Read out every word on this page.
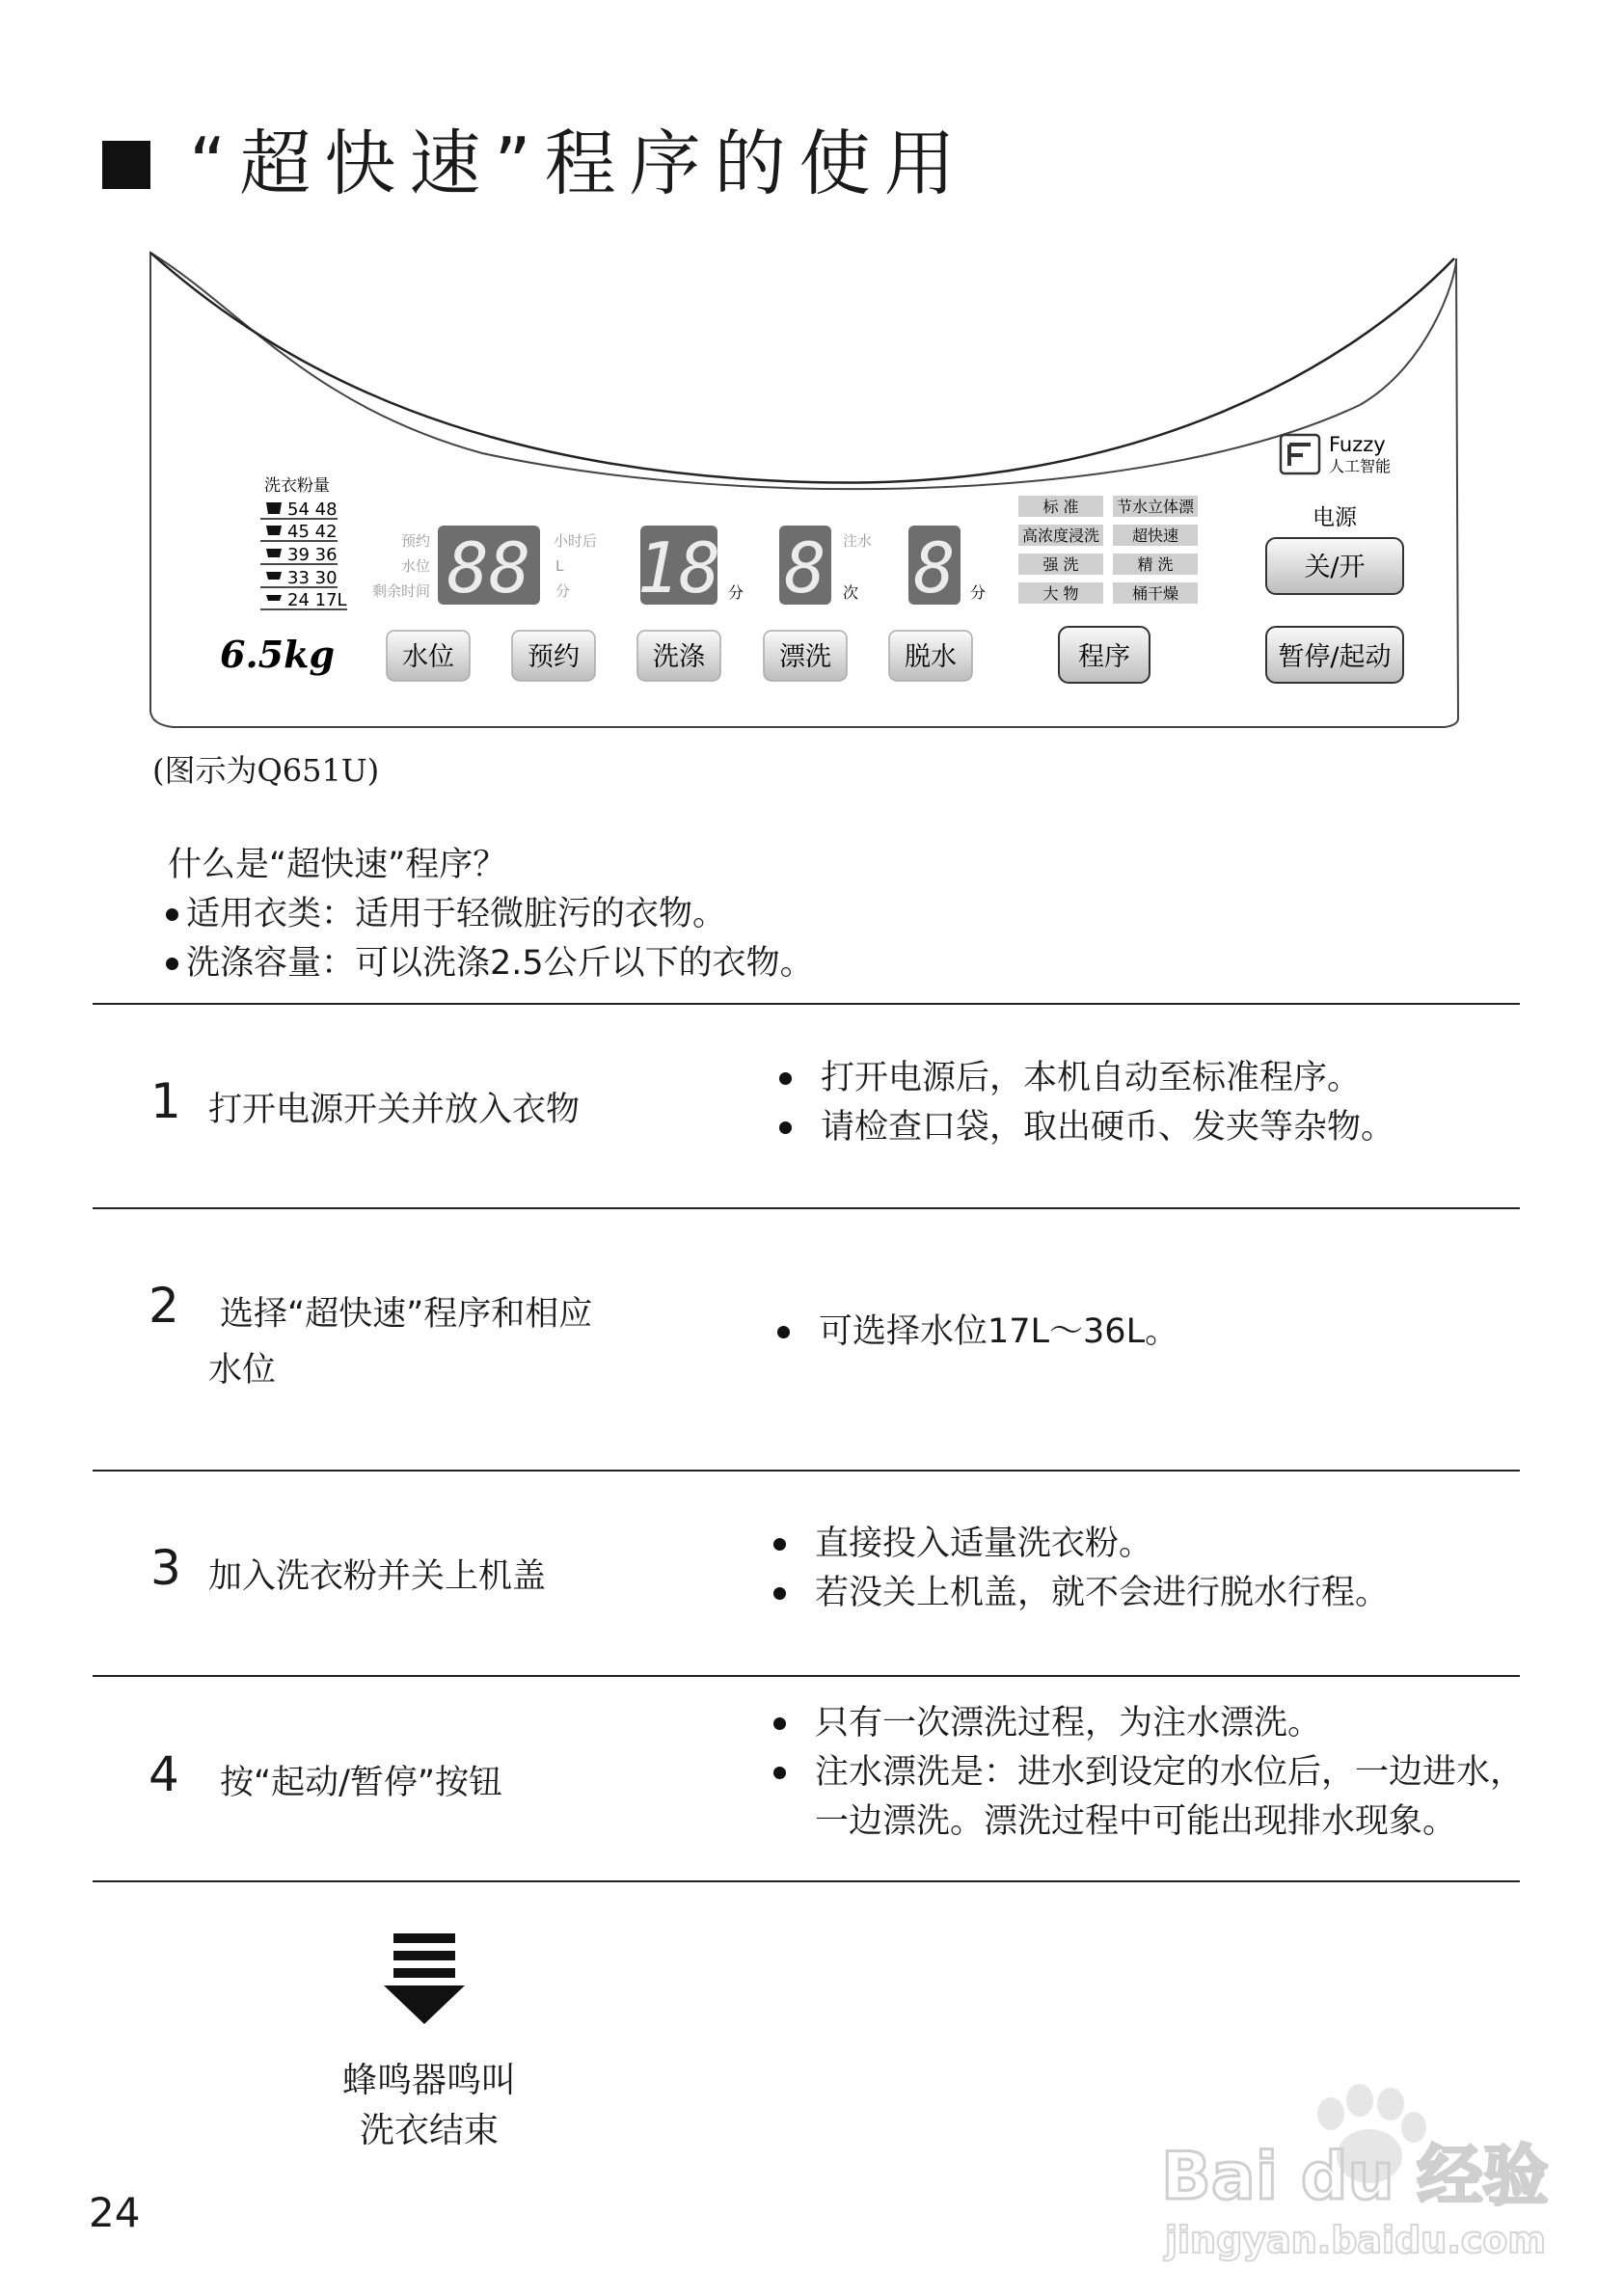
“超快速”程序的使用
洗衣粉量
54 48
45 42
39 36
33 30
24 17L
6.5kg
预约
水位
剩余时间 88 小时后
L
分 18 分 8 注水
次 8 分
标 准 节水立体漂
高浓度浸洗 超快速
强 洗	精 洗
大 物	桶干燥
Fuzzy
人工智能
电源
关/开
水位	预约	洗涤	漂洗	脱水	程序	暂停/起动
(图示为Q651U)
什么是“超快速”程序？
适用衣类：适用于轻微脏污的衣物。
洗涤容量：可以洗涤2.5公斤以下的衣物。
1 打开电源开关并放入衣物
打开电源后，本机自动至标准程序。
请检查口袋，取出硬币、发夹等杂物。
2 选择“超快速”程序和相应
水位
可选择水位17L～36L。
3 加入洗衣粉并关上机盖
直接投入适量洗衣粉。
若没关上机盖，就不会进行脱水行程。
4 按“起动/暂停”按钮
只有一次漂洗过程，为注水漂洗。
注水漂洗是：进水到设定的水位后，一边进水，
一边漂洗。漂洗过程中可能出现排水现象。
蜂鸣器鸣叫
洗衣结束
24	Bai du 经验
jingyan.baidu.com
